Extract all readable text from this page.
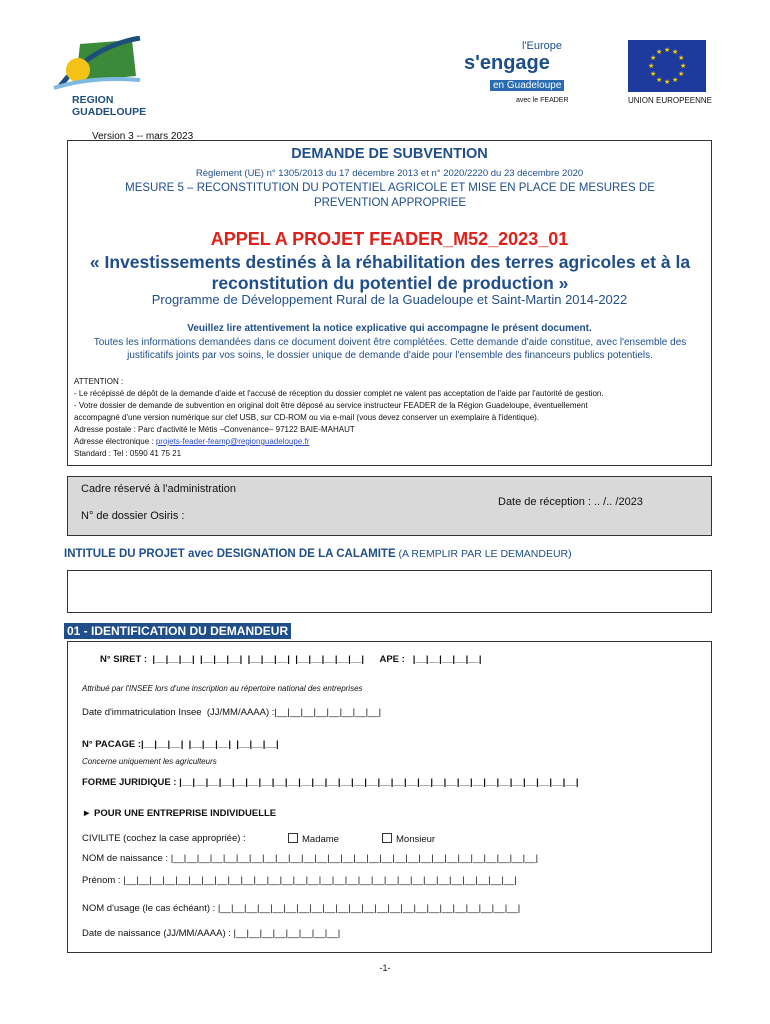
REGION
GUADELOUPE
l'Europe
s'engage
en Guadeloupe
avec le FEADER
★ ★
★
★
★
★
★
★
★
★
★
★
UNION EUROPEENNE
Version 3 -- mars 2023
DEMANDE DE SUBVENTION
Règlement (UE) n° 1305/2013 du 17 décembre 2013 et n° 2020/2220 du 23 décembre 2020
MESURE 5 – RECONSTITUTION DU POTENTIEL AGRICOLE ET MISE EN PLACE DE MESURES DE PREVENTION APPROPRIEE
APPEL A PROJET FEADER_M52_2023_01
« Investissements destinés à la réhabilitation des terres agricoles et à la reconstitution du potentiel de production »
Programme de Développement Rural de la Guadeloupe et Saint-Martin 2014-2022
Veuillez lire attentivement la notice explicative qui accompagne le présent document.
Toutes les informations demandées dans ce document doivent être complétées. Cette demande d'aide constitue, avec l'ensemble des justificatifs joints par vos soins, le dossier unique de demande d'aide pour l'ensemble des financeurs publics potentiels.
ATTENTION :
- Le récépissé de dépôt de la demande d'aide et l'accusé de réception du dossier complet ne valent pas acceptation de l'aide par l'autorité de gestion.
- Votre dossier de demande de subvention en original doit être déposé au service instructeur FEADER de la Région Guadeloupe, éventuellement
accompagné d'une version numérique sur clef USB, sur CD-ROM ou via e-mail (vous devez conserver un exemplaire à l'identique).
Adresse postale : Parc d'activité le Métis –Convenance– 97122 BAIE-MAHAUT
Adresse électronique : projets-feader-feamp@regionguadeloupe.fr
Standard : Tel : 0590 41 75 21
Cadre réservé à l'administration
Date de réception : .. /.. /2023
N° de dossier Osiris :
INTITULE DU PROJET avec DESIGNATION DE LA CALAMITE (A REMPLIR PAR LE DEMANDEUR)
01 - IDENTIFICATION DU DEMANDEUR
N° SIRET :  |__|__|__|  |__|__|__|  |__|__|__|  |__|__|__|__|__|      APE :   |__|__|__|__|__|
Attribué par l'INSEE lors d'une inscription au répertoire national des entreprises
Date d'immatriculation Insee  (JJ/MM/AAAA) :|__|__|__|__|__|__|__|__|
N° PACAGE :|__|__|__|  |__|__|__|  |__|__|__|
Concerne uniquement les agriculteurs
FORME JURIDIQUE : |__|__|__|__|__|__|__|__|__|__|__|__|__|__|__|__|__|__|__|__|__|__|__|__|__|__|__|__|__|__|
► POUR UNE ENTREPRISE INDIVIDUELLE
CIVILITE (cochez la case appropriée) :	Madame	Monsieur
NOM de naissance : |__|__|__|__|__|__|__|__|__|__|__|__|__|__|__|__|__|__|__|__|__|__|__|__|__|__|__|__|
Prénom : |__|__|__|__|__|__|__|__|__|__|__|__|__|__|__|__|__|__|__|__|__|__|__|__|__|__|__|__|__|__|
NOM d'usage (le cas échéant) : |__|__|__|__|__|__|__|__|__|__|__|__|__|__|__|__|__|__|__|__|__|__|__|
Date de naissance (JJ/MM/AAAA) : |__|__|__|__|__|__|__|__|
-1-
